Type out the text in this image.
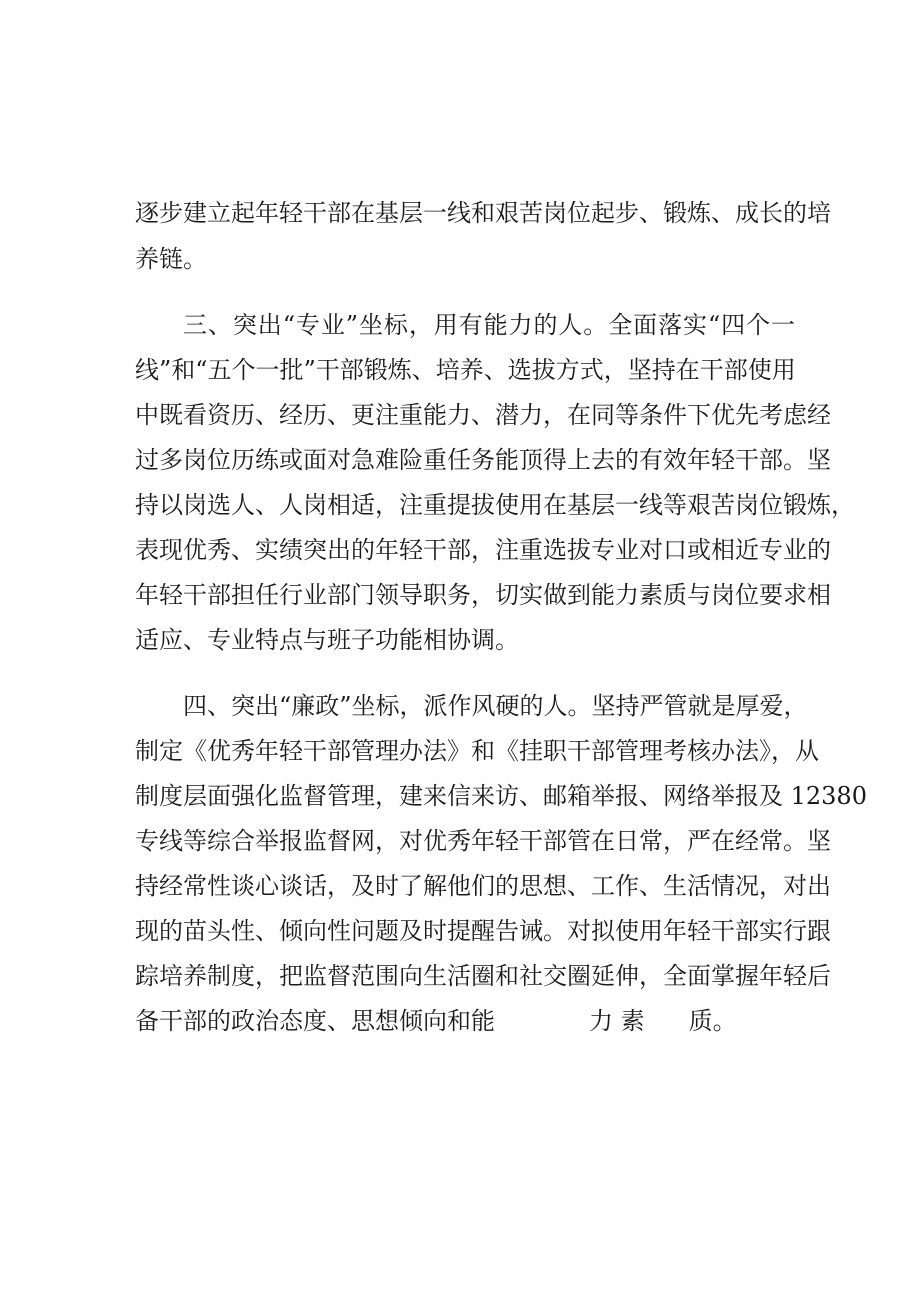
逐步建立起年轻干部在基层一线和艰苦岗位起步、锻炼、成长的培
养链。
三、突出“专业”坐标，用有能力的人。全面落实“四个一
线”和“五个一批”干部锻炼、培养、选拔方式，坚持在干部使用
中既看资历、经历、更注重能力、潜力，在同等条件下优先考虑经
过多岗位历练或面对急难险重任务能顶得上去的有效年轻干部。坚
持以岗选人、人岗相适，注重提拔使用在基层一线等艰苦岗位锻炼，
表现优秀、实绩突出的年轻干部，注重选拔专业对口或相近专业的
年轻干部担任行业部门领导职务，切实做到能力素质与岗位要求相
适应、专业特点与班子功能相协调。
四、突出“廉政”坐标，派作风硬的人。坚持严管就是厚爱，
制定《优秀年轻干部管理办法》和《挂职干部管理考核办法》，从
制度层面强化监督管理，建来信来访、邮箱举报、网络举报及 12380
专线等综合举报监督网，对优秀年轻干部管在日常，严在经常。坚
持经常性谈心谈话，及时了解他们的思想、工作、生活情况，对出
现的苗头性、倾向性问题及时提醒告诫。对拟使用年轻干部实行跟
踪培养制度，把监督范围向生活圈和社交圈延伸，全面掌握年轻后
备干部的政治态度、思想倾向和能	力 素 质。
